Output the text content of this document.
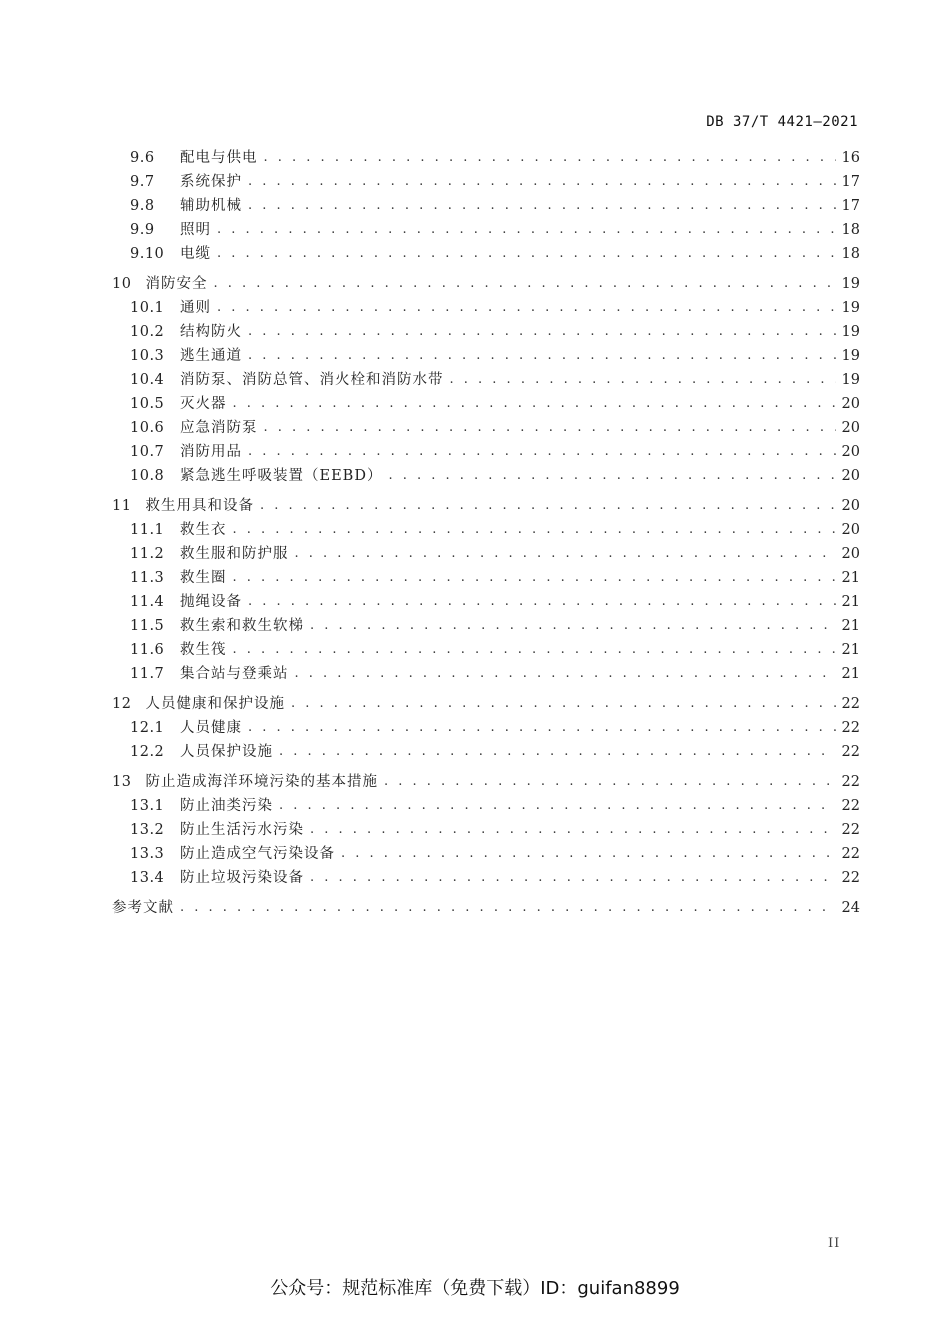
DB 37/T 4421—2021
9.6	配电与供电 . . .	16
9.7	系统保护 . . .	17
9.8	辅助机械 . . .	17
9.9	照明 . . .	18
9.10	电缆 . . .	18
10 消防安全 . . .	19
10.1	通则 . . .	19
10.2	结构防火 . . .	19
10.3	逃生通道 . . .	19
10.4	消防泵、消防总管、消火栓和消防水带 . . .	19
10.5	灭火器 . . .	20
10.6	应急消防泵 . . .	20
10.7	消防用品 . . .	20
10.8	紧急逃生呼吸装置（EEBD） . . .	20
11 救生用具和设备 . . .	20
11.1	救生衣 . . .	20
11.2	救生服和防护服 . . .	20
11.3	救生圈 . . .	21
11.4	抛绳设备 . . .	21
11.5	救生索和救生软梯 . . .	21
11.6	救生筏 . . .	21
11.7	集合站与登乘站 . . .	21
12 人员健康和保护设施 . . .	22
12.1	人员健康 . . .	22
12.2	人员保护设施 . . .	22
13 防止造成海洋环境污染的基本措施 . . .	22
13.1	防止油类污染 . . .	22
13.2	防止生活污水污染 . . .	22
13.3	防止造成空气污染设备 . . .	22
13.4	防止垃圾污染设备 . . .	22
参考文献 . . .	24
II
公众号：规范标准库（免费下载）ID：guifan8899
